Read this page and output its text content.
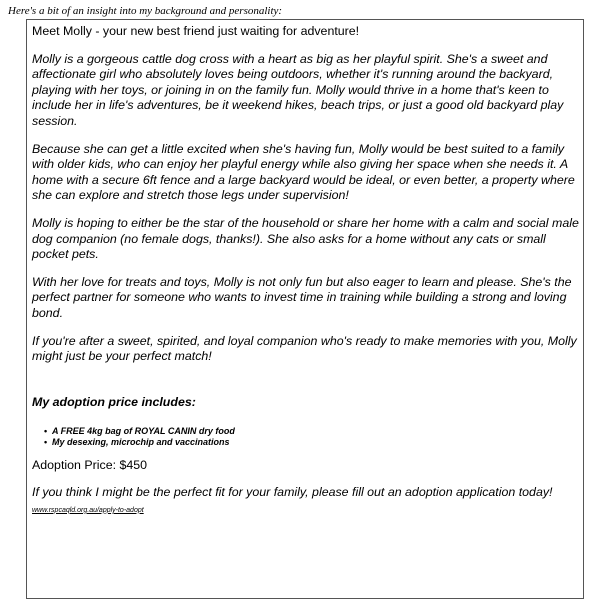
Here's a bit of an insight into my background and personality:

Meet Molly - your new best friend just waiting for adventure!

Molly is a gorgeous cattle dog cross with a heart as big as her playful spirit. She's a sweet and affectionate girl who absolutely loves being outdoors, whether it's running around the backyard, playing with her toys, or joining in on the family fun. Molly would thrive in a home that's keen to include her in life's adventures, be it weekend hikes, beach trips, or just a good old backyard play session.

Because she can get a little excited when she's having fun, Molly would be best suited to a family with older kids, who can enjoy her playful energy while also giving her space when she needs it. A home with a secure 6ft fence and a large backyard would be ideal, or even better, a property where she can explore and stretch those legs under supervision!

Molly is hoping to either be the star of the household or share her home with a calm and social male dog companion (no female dogs, thanks!). She also asks for a home without any cats or small pocket pets.

With her love for treats and toys, Molly is not only fun but also eager to learn and please. She's the perfect partner for someone who wants to invest time in training while building a strong and loving bond.

If you're after a sweet, spirited, and loyal companion who's ready to make memories with you, Molly might just be your perfect match!

My adoption price includes:

• A FREE 4kg bag of ROYAL CANIN dry food
• My desexing, microchip and vaccinations

Adoption Price: $450

If you think I might be the perfect fit for your family, please fill out an adoption application today! www.rspcaqld.org.au/apply-to-adopt
